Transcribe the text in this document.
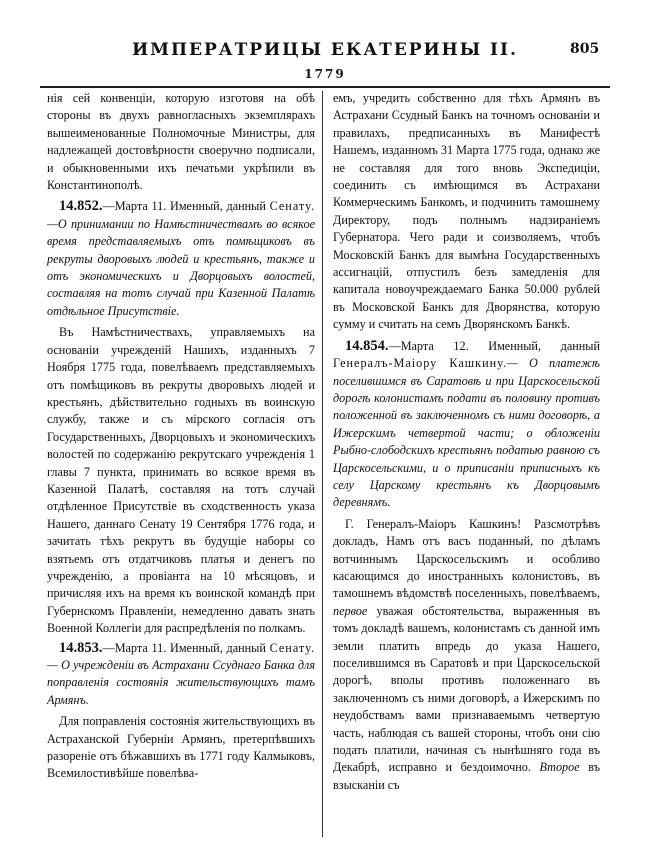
ИМПЕРАТРИЦЫ ЕКАТЕРИНЫ II.	805
1779

нія сей конвенціи, которую изготовя на обѣ стороны въ двухъ равногласныхъ экземплярахъ вышеименованные Полномочные Министры, для надлежащей достовѣрности своеручно подписали, и обыкновенными ихъ печатьми укрѣпили въ Константинополѣ.

14.852.—Марта 11. Именный, данный Сенату.—О принимании по Намѣстничествамъ во всякое время представляемыхъ отъ помѣщиковъ въ рекруты дворовыхъ людей и крестьянъ, также и отъ экономическихъ и Дворцовыхъ волостей, составляя на тотъ случай при Казенной Палатѣ отдѣльное Присутствіе.

Въ Намѣстничествахъ, управляемыхъ на основаніи учрежденій Нашихъ, изданныхъ 7 Ноября 1775 года, повелѣваемъ представляемыхъ отъ помѣщиковъ въ рекруты дворовыхъ людей и крестьянъ, дѣйствительно годныхъ въ воинскую службу, также и съ мірского согласія отъ Государственныхъ, Дворцовыхъ и экономическихъ волостей по содержанію рекрутскаго учрежденія 1 главы 7 пункта, принимать во всякое время въ Казенной Палатѣ, составляя на тотъ случай отдѣленное Присутствіе въ сходственность указа Нашего, даннаго Сенату 19 Сентября 1776 года, и зачитать тѣхъ рекрутъ въ будущіе наборы со взятьемъ отъ отдатчиковъ платья и денегъ по учрежденію, а провіанта на 10 мѣсяцовъ, и причисляя ихъ на время къ воинской командѣ при Губернскомъ Правленіи, немедленно давать знать Военной Коллегіи для распредѣленія по полкамъ.

14.853.—Марта 11. Именный, данный Сенату.— О учрежденіи въ Астрахани Ссуднаго Банка для поправленія состоянія жительствующихъ тамъ Армянъ.

Для поправленія состоянія жительствующихъ въ Астраханской Губерніи Армянъ, претерпѣвшихъ разореніе отъ бѣжавшихъ въ 1771 году Калмыковъ, Всемилостивѣйше повелѣва-

емъ, учредить собственно для тѣхъ Армянъ въ Астрахани Ссудный Банкъ на точномъ основаніи и правилахъ, предписанныхъ въ Манифестѣ Нашемъ, изданномъ 31 Марта 1775 года, однако же не составляя для того вновь Экспедиціи, соединить съ имѣющимся въ Астрахани Коммерческимъ Банкомъ, и подчинить тамошнему Директору, подъ полнымъ надзираніемъ Губернатора. Чего ради и соизволяемъ, чтобъ Московскій Банкъ для вымѣна Государственныхъ ассигнацій, отпустилъ безъ замедленія для капитала новоучреждаемаго Банка 50.000 рублей въ Московской Банкъ для Дворянства, которую сумму и считать на семъ Дворянскомъ Банкѣ.

14.854.—Марта 12. Именный, данный Генералъ-Маіору Кашкину.— О платежѣ поселившимся въ Саратовѣ и при Царскосельской дорогѣ колонистамъ подати въ половину противъ положенной въ заключенномъ съ ними договорѣ, а Ижерскимъ четвертой части; о обложеніи Рыбно-слободскихъ крестьянъ податью равною съ Царскосельскими, и о приписаніи приписныхъ къ селу Царскому крестьянъ къ Дворцовымъ деревнямъ.

Г. Генералъ-Маіоръ Кашкинъ! Разсмотрѣвъ докладъ, Намъ отъ васъ поданный, по дѣламъ вотчиннымъ Царскосельскимъ и особливо касающимся до иностранныхъ колонистовъ, въ тамошнемъ вѣдомствѣ поселенныхъ, повелѣваемъ, первое уважая обстоятельства, выраженныя въ томъ докладѣ вашемъ, колонистамъ съ данной имъ земли платить впредь до указа Нашего, поселившимся въ Саратовѣ и при Царскосельской дорогѣ, вполы противъ положеннаго въ заключенномъ съ ними договорѣ, а Ижерскимъ по неудобствамъ вами признаваемымъ четвертую часть, наблюдая съ вашей стороны, чтобъ они сію подать платили, начиная съ нынѣшняго года въ Декабрѣ, исправно и бездоимочно. Второе въ взысканіи съ
